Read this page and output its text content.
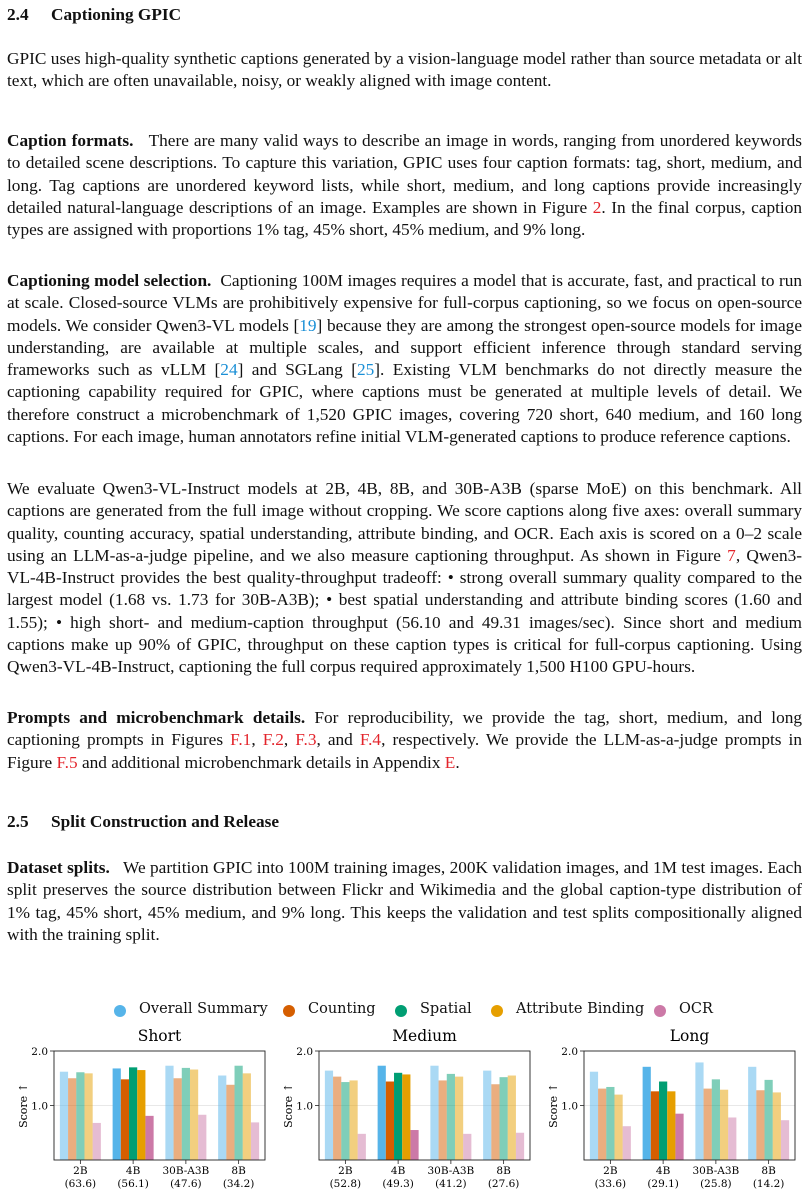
2.4 Captioning GPIC

GPIC uses high-quality synthetic captions generated by a vision-language model rather than source metadata or alt text, which are often unavailable, noisy, or weakly aligned with image content.

Caption formats. There are many valid ways to describe an image in words, ranging from unordered keywords to detailed scene descriptions. To capture this variation, GPIC uses four caption formats: tag, short, medium, and long. Tag captions are unordered keyword lists, while short, medium, and long captions provide increasingly detailed natural-language descriptions of an image. Examples are shown in Figure 2. In the final corpus, caption types are assigned with proportions 1% tag, 45% short, 45% medium, and 9% long.

Captioning model selection. Captioning 100M images requires a model that is accurate, fast, and practical to run at scale. Closed-source VLMs are prohibitively expensive for full-corpus captioning, so we focus on open-source models. We consider Qwen3-VL models [19] because they are among the strongest open-source models for image understanding, are available at multiple scales, and support efficient inference through standard serving frameworks such as vLLM [24] and SGLang [25]. Existing VLM benchmarks do not directly measure the captioning capability required for GPIC, where captions must be generated at multiple levels of detail. We therefore construct a microbenchmark of 1,520 GPIC images, covering 720 short, 640 medium, and 160 long captions. For each image, human annotators refine initial VLM-generated captions to produce reference captions.

We evaluate Qwen3-VL-Instruct models at 2B, 4B, 8B, and 30B-A3B (sparse MoE) on this benchmark. All captions are generated from the full image without cropping. We score captions along five axes: overall summary quality, counting accuracy, spatial understanding, attribute binding, and OCR. Each axis is scored on a 0–2 scale using an LLM-as-a-judge pipeline, and we also measure captioning throughput. As shown in Figure 7, Qwen3-VL-4B-Instruct provides the best quality-throughput tradeoff: • strong overall summary quality compared to the largest model (1.68 vs. 1.73 for 30B-A3B); • best spatial understanding and attribute binding scores (1.60 and 1.55); • high short- and medium-caption throughput (56.10 and 49.31 images/sec). Since short and medium captions make up 90% of GPIC, throughput on these caption types is critical for full-corpus captioning. Using Qwen3-VL-4B-Instruct, captioning the full corpus required approximately 1,500 H100 GPU-hours.

Prompts and microbenchmark details. For reproducibility, we provide the tag, short, medium, and long captioning prompts in Figures F.1, F.2, F.3, and F.4, respectively. We provide the LLM-as-a-judge prompts in Figure F.5 and additional microbenchmark details in Appendix E.

2.5 Split Construction and Release

Dataset splits. We partition GPIC into 100M training images, 200K validation images, and 1M test images. Each split preserves the source distribution between Flickr and Wikimedia and the global caption-type distribution of 1% tag, 45% short, 45% medium, and 9% long. This keeps the validation and test splits compositionally aligned with the training split.

Overall Summary	Counting	Spatial	Attribute Binding	OCR
Short
Score ↑ 1.0
2.0
2B
(63.6)
4B
(56.1)
30B-A3B
(47.6)
8B
(34.2)
Medium
Score ↑ 1.0
2.0
2B
(52.8)
4B
(49.3)
30B-A3B
(41.2)
8B
(27.6)
Long
Score ↑ 1.0
2.0
2B
(33.6)
4B
(29.1)
30B-A3B
(25.8)
8B
(14.2)
